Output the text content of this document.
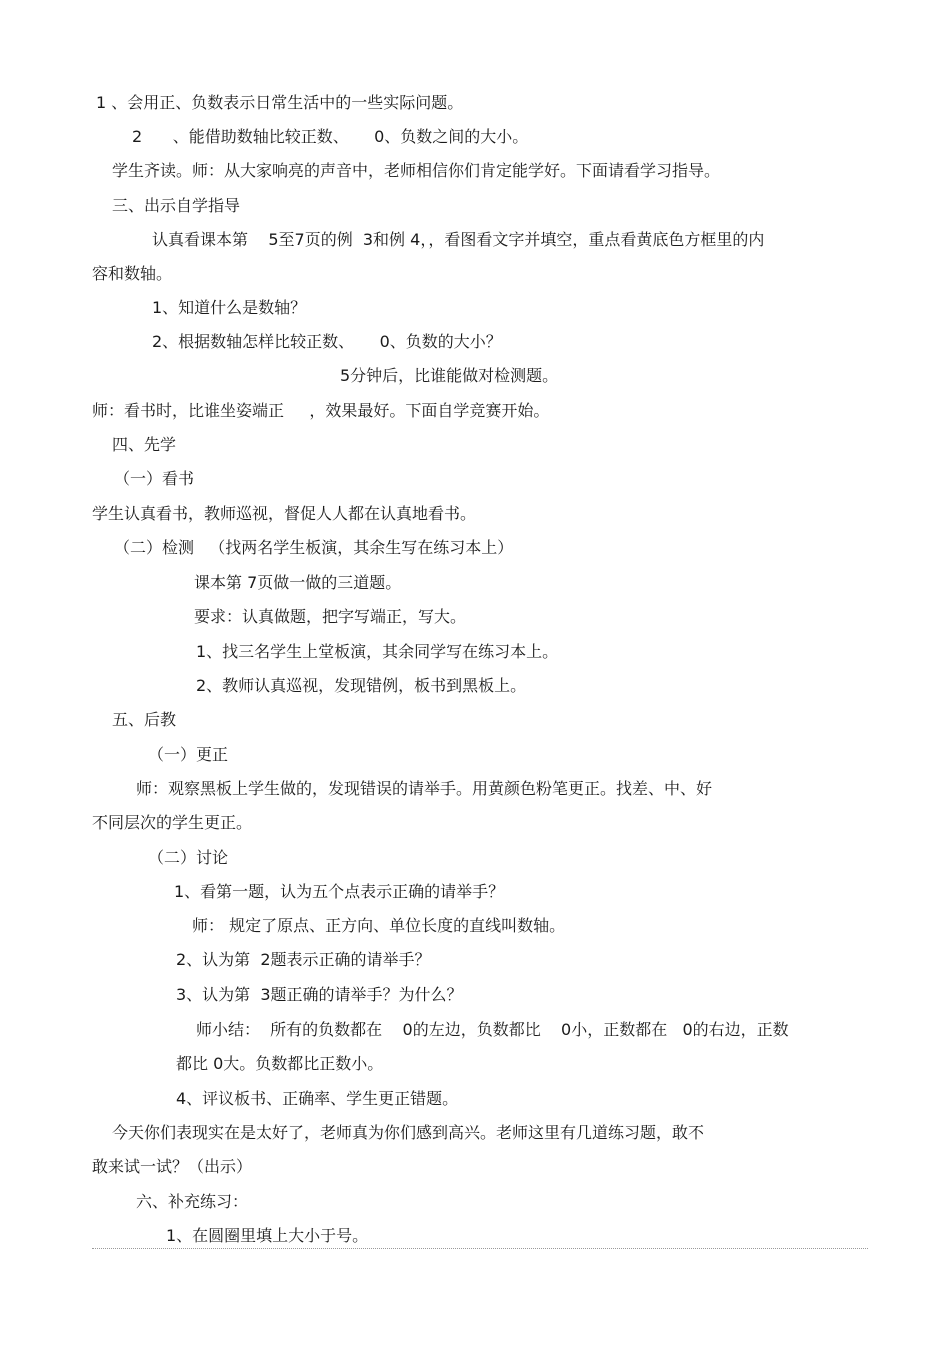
1 、会用正、负数表示日常生活中的一些实际问题。
2      、能借助数轴比较正数、     0、负数之间的大小。
学生齐读。师：从大家响亮的声音中，老师相信你们肯定能学好。下面请看学习指导。
三、出示自学指导
认真看课本第    5至7页的例  3和例 4，，看图看文字并填空，重点看黄底色方框里的内
容和数轴。
1、知道什么是数轴？
2、根据数轴怎样比较正数、     0、负数的大小？
5分钟后，比谁能做对检测题。
师：看书时，比谁坐姿端正     ，效果最好。下面自学竞赛开始。
四、先学
（一）看书
学生认真看书，教师巡视，督促人人都在认真地看书。
（二）检测   （找两名学生板演，其余生写在练习本上）
课本第 7页做一做的三道题。
要求：认真做题，把字写端正，写大。
1、找三名学生上堂板演，其余同学写在练习本上。
2、教师认真巡视，发现错例，板书到黑板上。
五、后教
（一）更正
师：观察黑板上学生做的，发现错误的请举手。用黄颜色粉笔更正。找差、中、好
不同层次的学生更正。
（二）讨论
1、看第一题，认为五个点表示正确的请举手？
师： 规定了原点、正方向、单位长度的直线叫数轴。
2、认为第  2题表示正确的请举手？
3、认为第  3题正确的请举手？为什么？
师小结：  所有的负数都在    0的左边，负数都比    0小，正数都在   0的右边，正数
都比 0大。负数都比正数小。
4、评议板书、正确率、学生更正错题。
今天你们表现实在是太好了，老师真为你们感到高兴。老师这里有几道练习题，敢不
敢来试一试？（出示）
六、补充练习：
1、在圆圈里填上大小于号。
